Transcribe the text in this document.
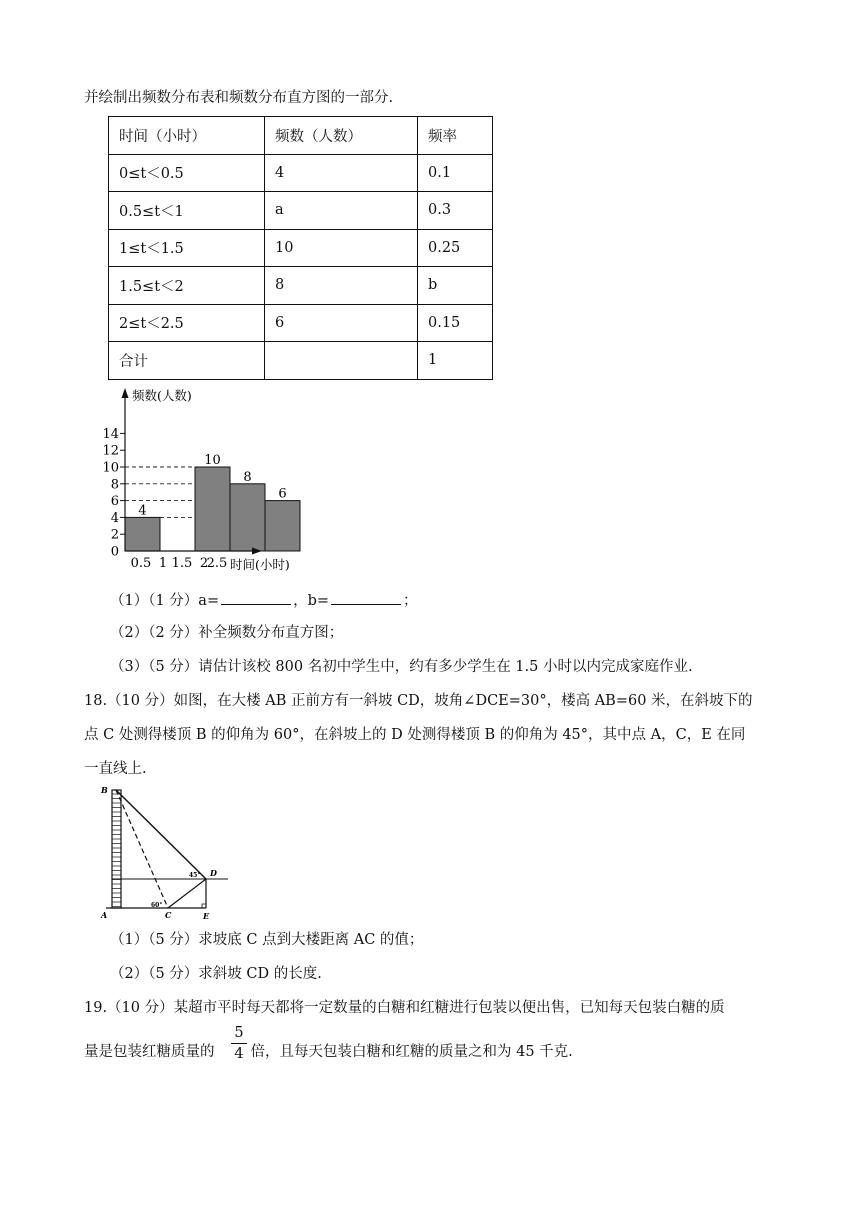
并绘制出频数分布表和频数分布直方图的一部分.
时间（小时）	频数（人数）	频率
0≤t＜0.5	4	0.1
0.5≤t＜1	a	0.3
1≤t＜1.5	10	0.25
1.5≤t＜2	8	b
2≤t＜2.5	6	0.15
合计		1
4
10
8
6
0
2
4
6
8
10
12
14
0.5 1 1.5 2
2.5
频数(人数)
时间(小时)
（1）（1 分）a=	，b=	；
（2）（2 分）补全频数分布直方图；
（3）（5 分）请估计该校 800 名初中学生中，约有多少学生在 1.5 小时以内完成家庭作业.
18.（10 分）如图，在大楼 AB 正前方有一斜坡 CD，坡角∠DCE=30°，楼高 AB=60 米，在斜坡下的
点 C 处测得楼顶 B 的仰角为 60°，在斜坡上的 D 处测得楼顶 B 的仰角为 45°，其中点 A，C，E 在同
一直线上.
B
A	C
D
E
45°
60°
（1）（5 分）求坡底 C 点到大楼距离 AC 的值；
（2）（5 分）求斜坡 CD 的长度.
19.（10 分）某超市平时每天都将一定数量的白糖和红糖进行包装以便出售，已知每天包装白糖的质
量是包装红糖质量的 倍，且每天包装白糖和红糖的质量之和为 45 千克.
5
4
